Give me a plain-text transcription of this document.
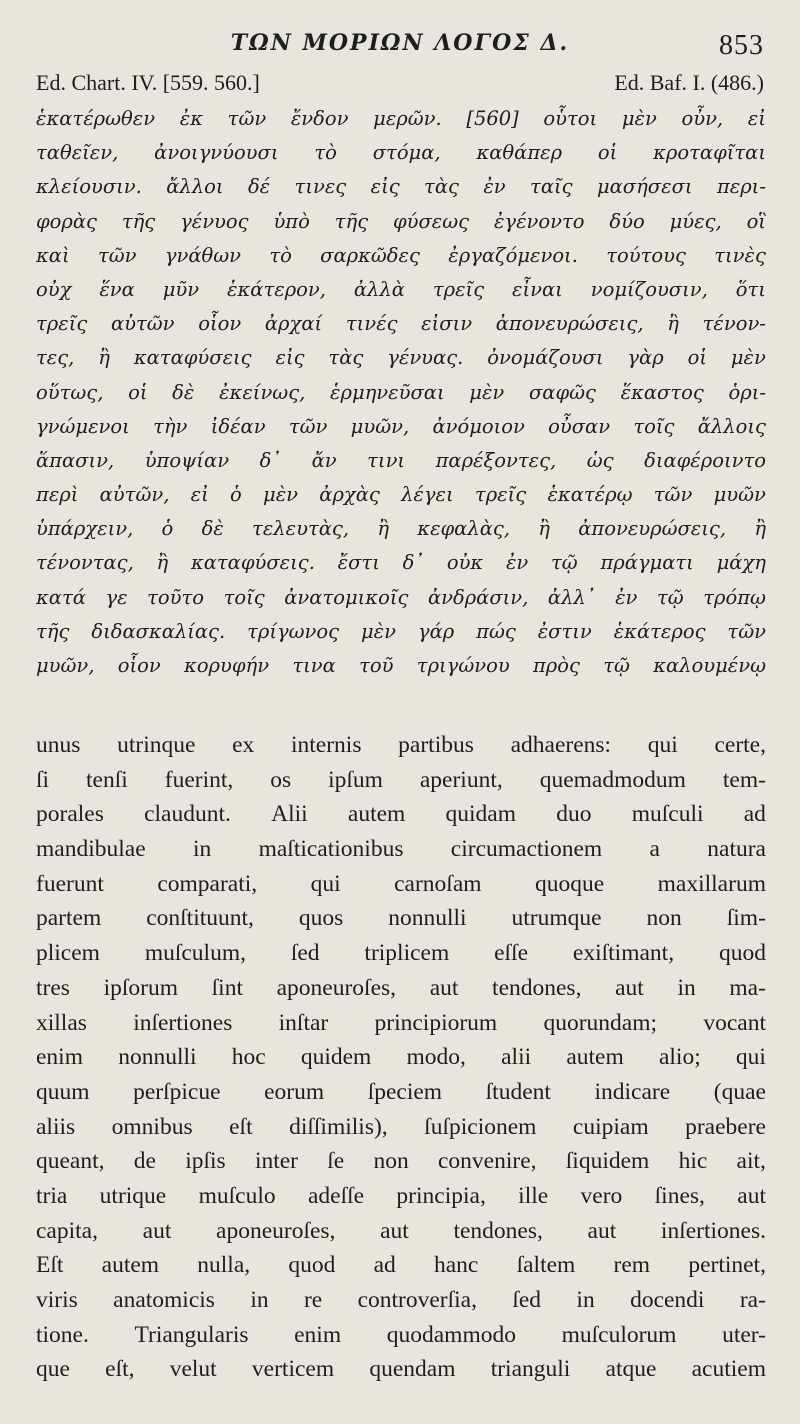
ΤΩΝ ΜΟΡΙΩΝ ΛΟΓΟΣ Δ.	853
Ed. Chart. IV. [559. 560.]	Ed. Baf. I. (486.)
ἑκατέρωθεν ἐκ τῶν ἔνδον μερῶν. [560] οὗτοι μὲν οὖν, εἰ
ταθεῖεν, ἀνοιγνύουσι τὸ στόμα, καθάπερ οἱ κροταφῖται
κλείουσιν. ἄλλοι δέ τινες εἰς τὰς ἐν ταῖς μασήσεσι περι-
φορὰς τῆς γένυος ὑπὸ τῆς φύσεως ἐγένοντο δύο μύες, οἳ
καὶ τῶν γνάθων τὸ σαρκῶδες ἐργαζόμενοι. τούτους τινὲς
οὐχ ἕνα μῦν ἑκάτερον, ἀλλὰ τρεῖς εἶναι νομίζουσιν, ὅτι
τρεῖς αὐτῶν οἷον ἀρχαί τινές εἰσιν ἀπονευρώσεις, ἢ τένον-
τες, ἢ καταφύσεις εἰς τὰς γένυας. ὀνομάζουσι γὰρ οἱ μὲν
οὕτως, οἱ δὲ ἐκείνως, ἑρμηνεῦσαι μὲν σαφῶς ἕκαστος ὁρι-
γνώμενοι τὴν ἰδέαν τῶν μυῶν, ἀνόμοιον οὖσαν τοῖς ἄλλοις
ἅπασιν, ὑποψίαν δ᾽ ἄν τινι παρέξοντες, ὡς διαφέροιντο
περὶ αὐτῶν, εἰ ὁ μὲν ἀρχὰς λέγει τρεῖς ἑκατέρῳ τῶν μυῶν
ὑπάρχειν, ὁ δὲ τελευτὰς, ἢ κεφαλὰς, ἢ ἀπονευρώσεις, ἢ
τένοντας, ἢ καταφύσεις. ἔστι δ᾽ οὐκ ἐν τῷ πράγματι μάχη
κατά γε τοῦτο τοῖς ἀνατομικοῖς ἀνδράσιν, ἀλλ᾽ ἐν τῷ τρόπῳ
τῆς διδασκαλίας. τρίγωνος μὲν γάρ πώς ἐστιν ἑκάτερος τῶν
μυῶν, οἷον κορυφήν τινα τοῦ τριγώνου πρὸς τῷ καλουμένῳ
unus utrinque ex internis partibus adhaerens: qui certe,
ſi tenſi fuerint, os ipſum aperiunt, quemadmodum tem-
porales claudunt. Alii autem quidam duo muſculi ad
mandibulae in maſticationibus circumactionem a natura
fuerunt comparati, qui carnoſam quoque maxillarum
partem conſtituunt, quos nonnulli utrumque non ſim-
plicem muſculum, ſed triplicem eſſe exiſtimant, quod
tres ipſorum ſint aponeuroſes, aut tendones, aut in ma-
xillas inſertiones inſtar principiorum quorundam; vocant
enim nonnulli hoc quidem modo, alii autem alio; qui
quum perſpicue eorum ſpeciem ſtudent indicare (quae
aliis omnibus eſt diſſimilis), ſuſpicionem cuipiam praebere
queant, de ipſis inter ſe non convenire, ſiquidem hic ait,
tria utrique muſculo adeſſe principia, ille vero ſines, aut
capita, aut aponeuroſes, aut tendones, aut inſertiones.
Eſt autem nulla, quod ad hanc ſaltem rem pertinet,
viris anatomicis in re controverſia, ſed in docendi ra-
tione. Triangularis enim quodammodo muſculorum uter-
que eſt, velut verticem quendam trianguli atque acutiem
